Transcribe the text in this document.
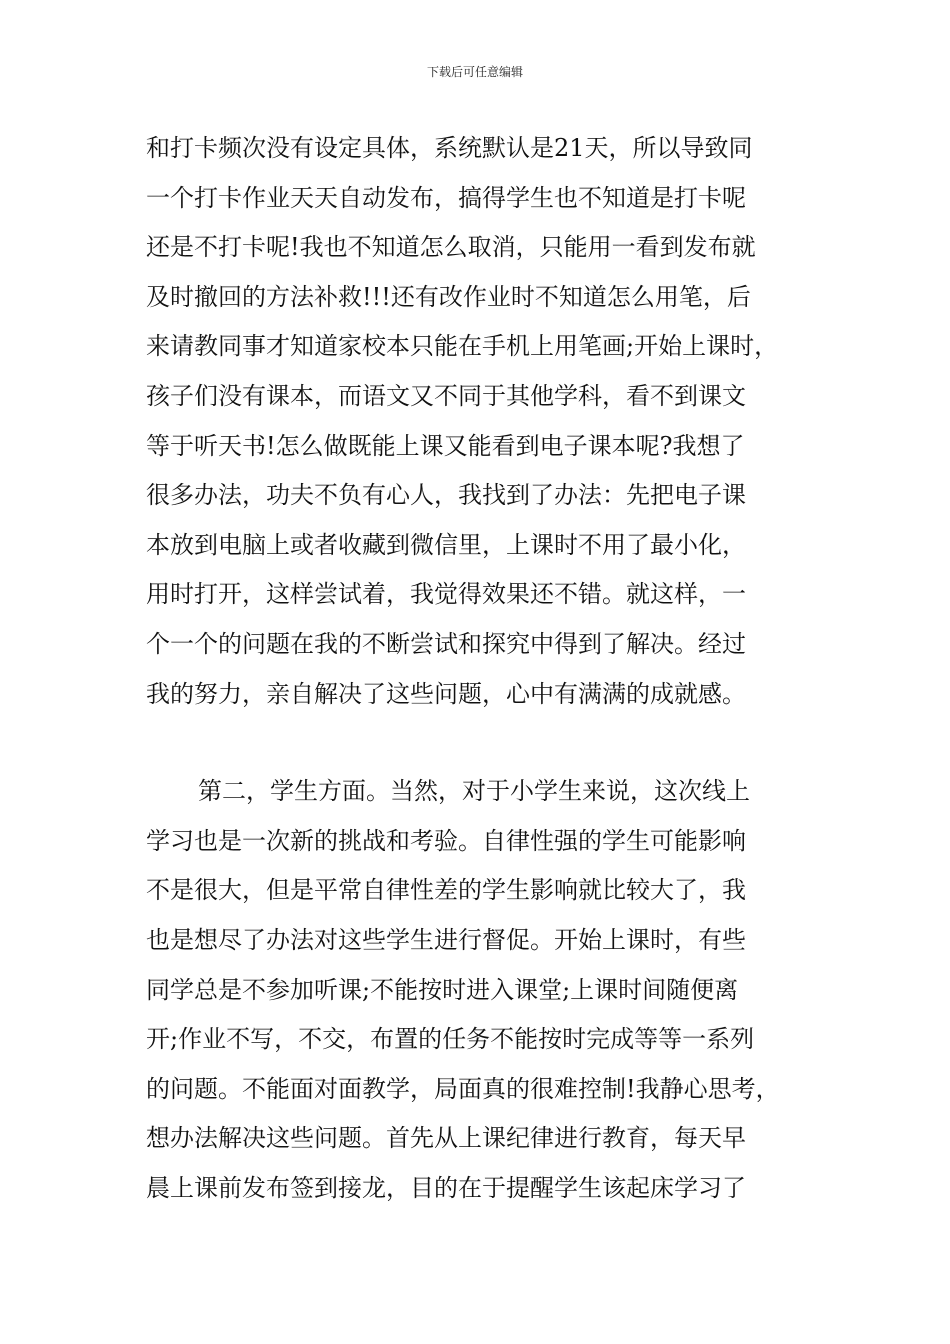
下载后可任意编辑
和打卡频次没有设定具体，系统默认是21天，所以导致同
一个打卡作业天天自动发布，搞得学生也不知道是打卡呢
还是不打卡呢!我也不知道怎么取消，只能用一看到发布就
及时撤回的方法补救!!!还有改作业时不知道怎么用笔，后
来请教同事才知道家校本只能在手机上用笔画;开始上课时，
孩子们没有课本，而语文又不同于其他学科，看不到课文
等于听天书!怎么做既能上课又能看到电子课本呢?我想了
很多办法，功夫不负有心人，我找到了办法：先把电子课
本放到电脑上或者收藏到微信里，上课时不用了最小化，
用时打开，这样尝试着，我觉得效果还不错。就这样，一
个一个的问题在我的不断尝试和探究中得到了解决。经过
我的努力，亲自解决了这些问题，心中有满满的成就感。
第二，学生方面。当然，对于小学生来说，这次线上
学习也是一次新的挑战和考验。自律性强的学生可能影响
不是很大，但是平常自律性差的学生影响就比较大了，我
也是想尽了办法对这些学生进行督促。开始上课时，有些
同学总是不参加听课;不能按时进入课堂;上课时间随便离
开;作业不写，不交，布置的任务不能按时完成等等一系列
的问题。不能面对面教学，局面真的很难控制!我静心思考，
想办法解决这些问题。首先从上课纪律进行教育，每天早
晨上课前发布签到接龙，目的在于提醒学生该起床学习了
